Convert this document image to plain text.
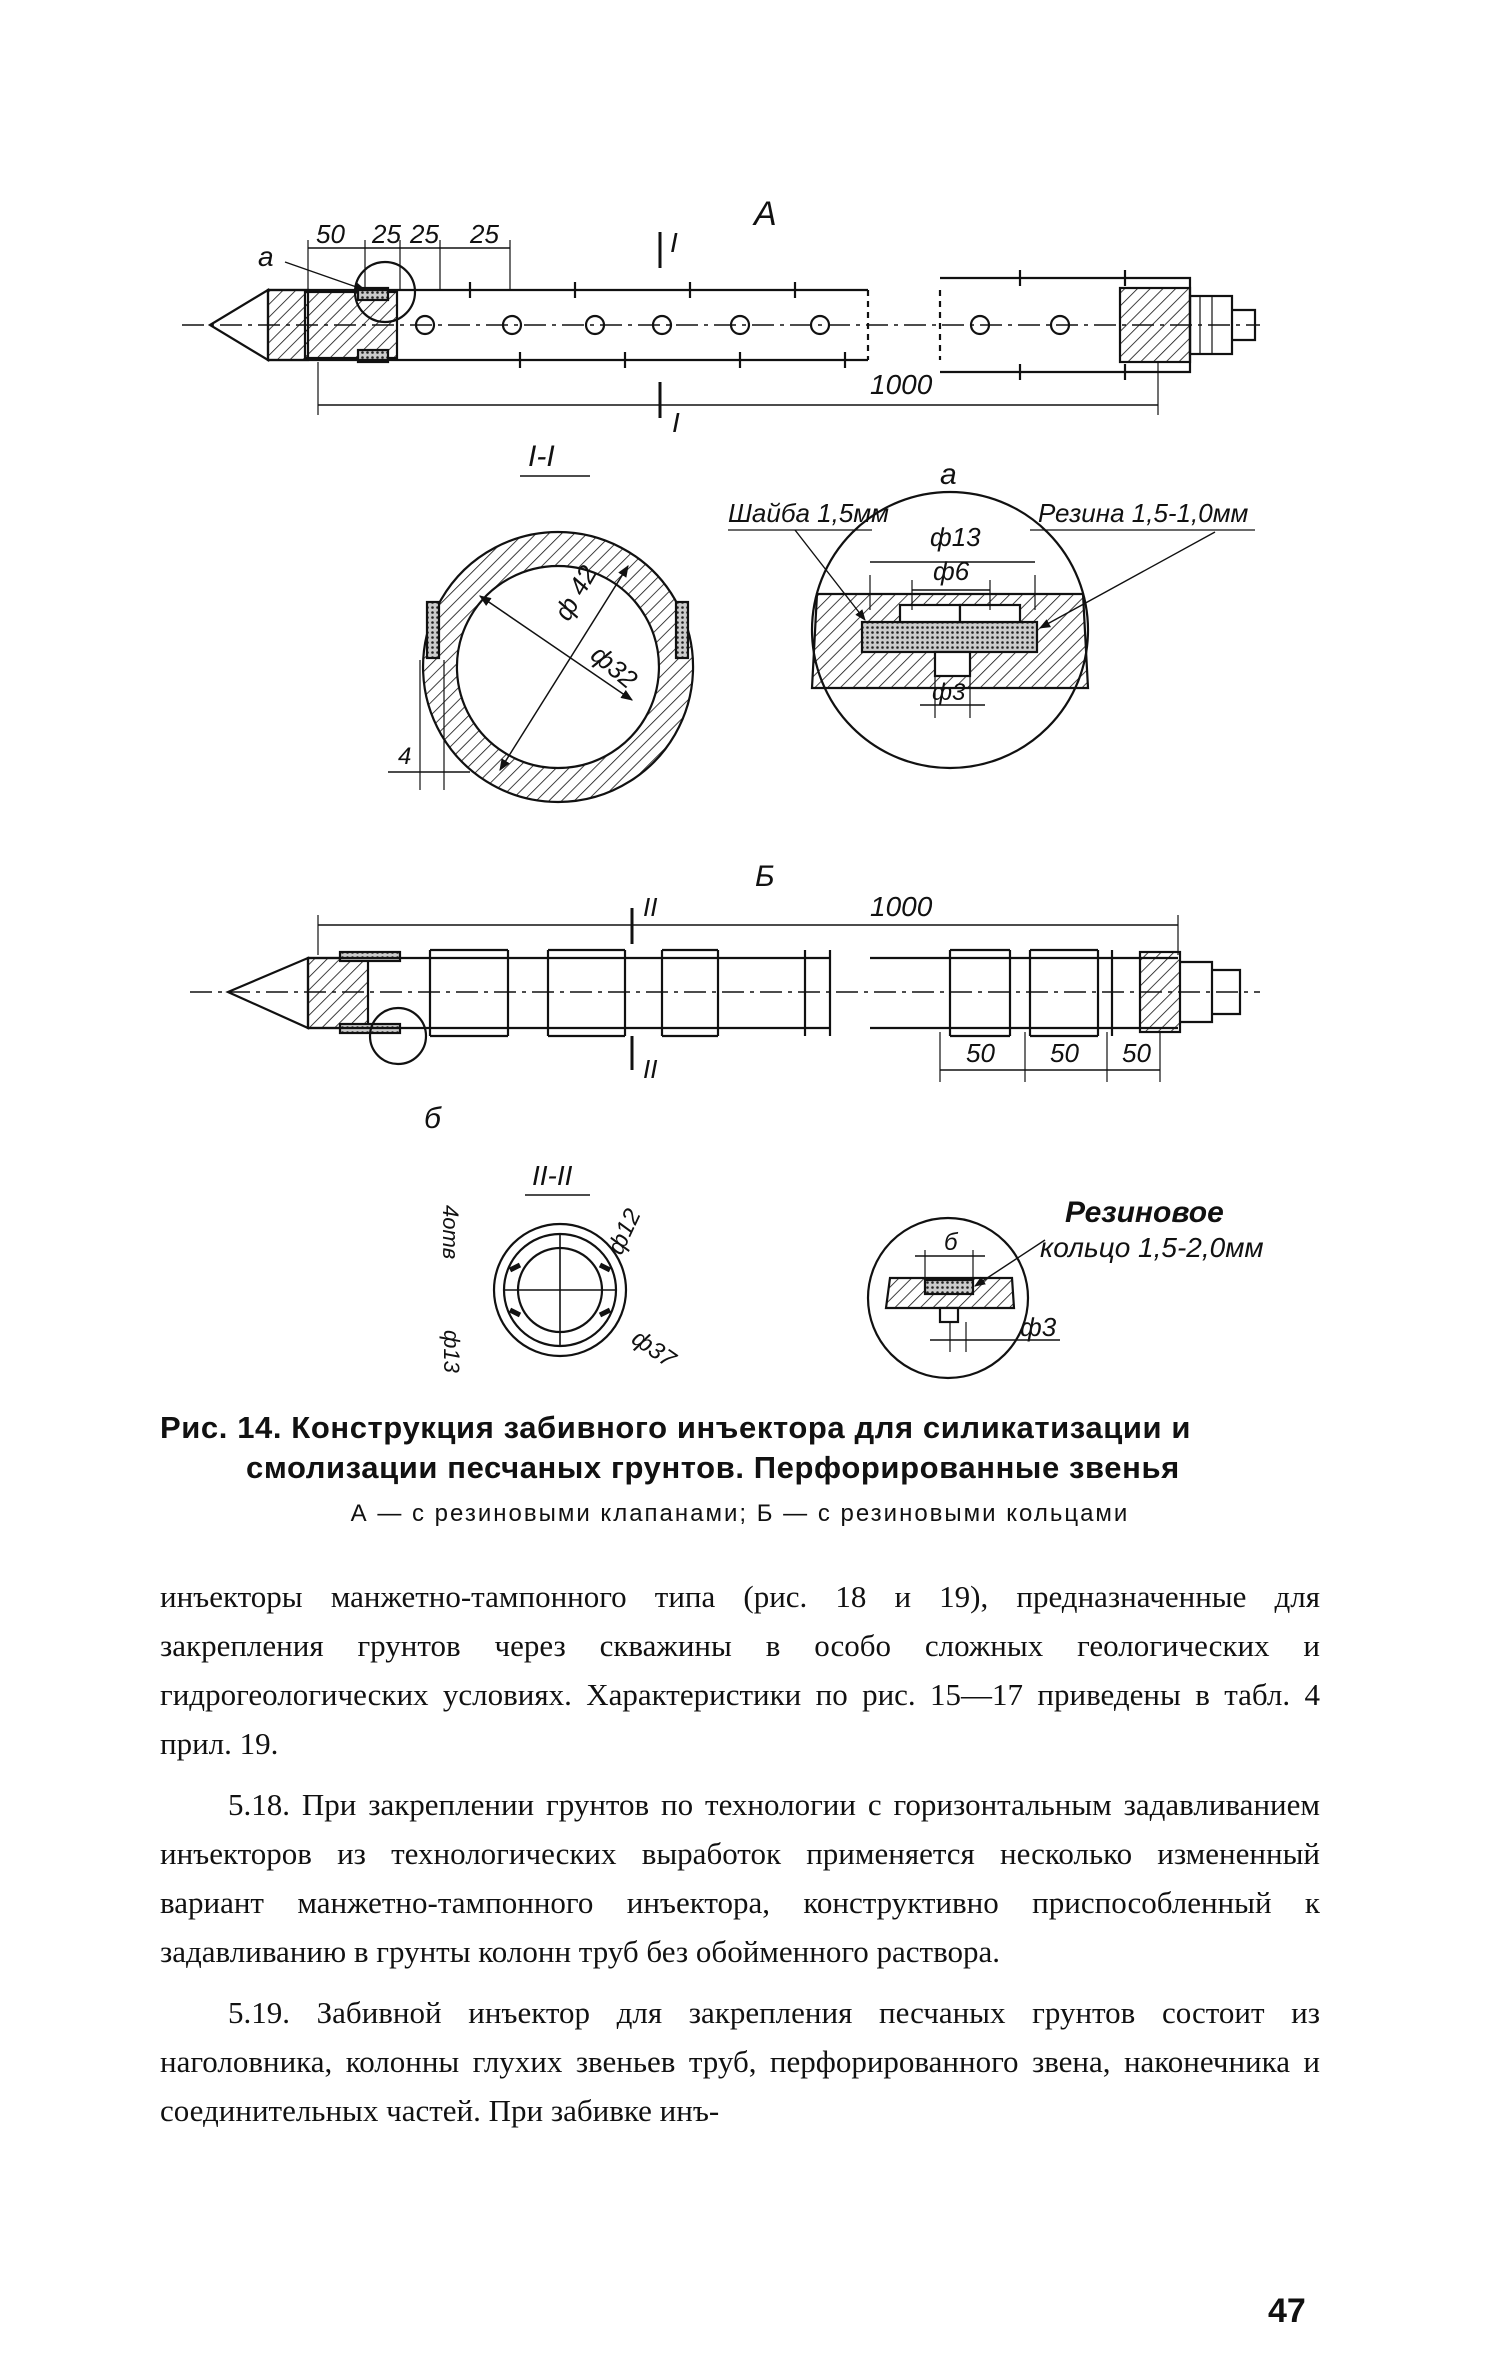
A
a
50 25 25 25	I
I
1000
I-I
ф 42
ф32
4
a
ф13
ф6
ф3
Шайба 1,5мм	Резина 1,5-1,0мм
Б
1000
II
II
б
50 50 50
II-II
ф12
ф37
ф13
4отв	б
Резиновое
кольцо 1,5-2,0мм
ф3
Рис. 14. Конструкция забивного инъектора для силикатизации и
смолизации песчаных грунтов. Перфорированные звенья
А — с резиновыми клапанами; Б — с резиновыми кольцами

инъекторы манжетно-тампонного типа (рис. 18 и 19), предназначенные для закрепления грунтов через скважины в особо сложных геологических и гидрогеологических условиях. Характеристики по рис. 15—17 приведены в табл. 4 прил. 19.

5.18. При закреплении грунтов по технологии с горизонтальным задавливанием инъекторов из технологических выработок применяется несколько измененный вариант манжетно-тампонного инъектора, конструктивно приспособленный к задавливанию в грунты колонн труб без обойменного раствора.

5.19. Забивной инъектор для закрепления песчаных грунтов состоит из наголовника, колонны глухих звеньев труб, перфорированного звена, наконечника и соединительных частей. При забивке инъ-

47
